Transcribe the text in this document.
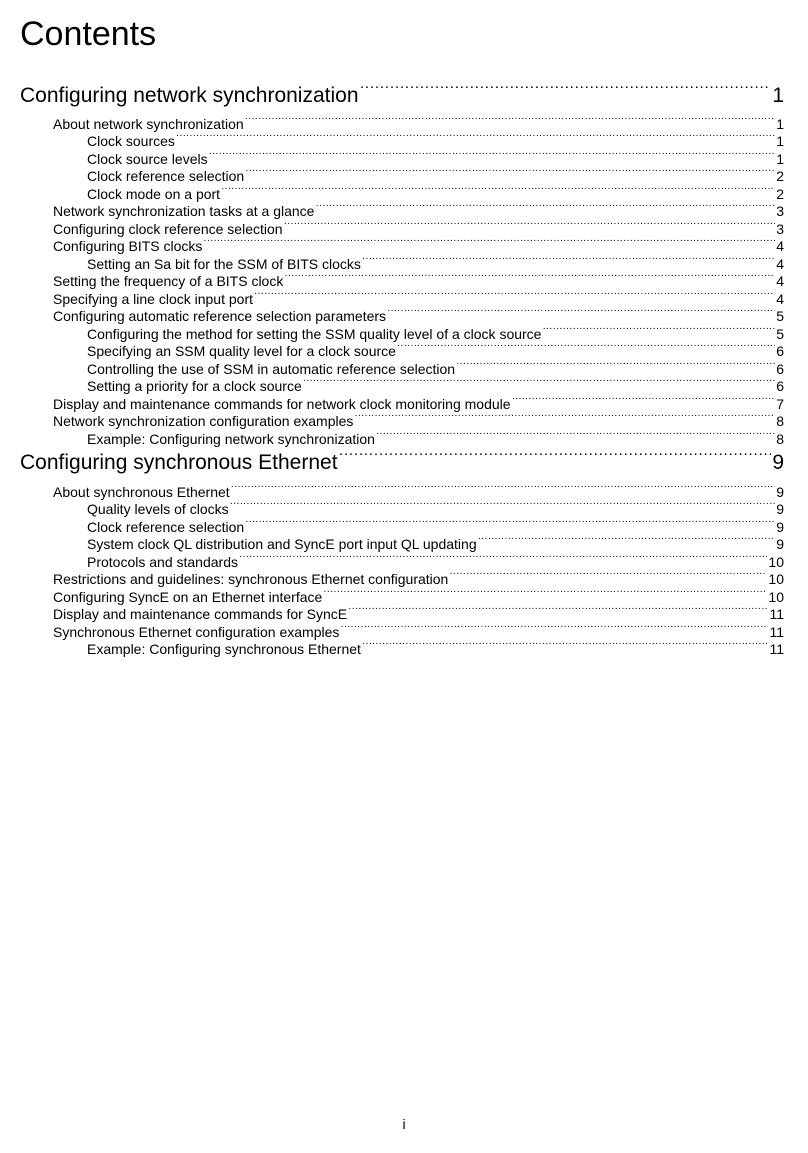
Contents
Configuring network synchronization ·····	1
About network synchronization ·····	1
Clock sources ·····	1
Clock source levels ·····	1
Clock reference selection ·····	2
Clock mode on a port ·····	2
Network synchronization tasks at a glance ·····	3
Configuring clock reference selection ·····	3
Configuring BITS clocks ·····	4
Setting an Sa bit for the SSM of BITS clocks ·····	4
Setting the frequency of a BITS clock ·····	4
Specifying a line clock input port ·····	4
Configuring automatic reference selection parameters ·····	5
Configuring the method for setting the SSM quality level of a clock source ·····	5
Specifying an SSM quality level for a clock source ·····	6
Controlling the use of SSM in automatic reference selection ·····	6
Setting a priority for a clock source ·····	6
Display and maintenance commands for network clock monitoring module ·····	7
Network synchronization configuration examples ·····	8
Example: Configuring network synchronization ·····	8
Configuring synchronous Ethernet ·····	9
About synchronous Ethernet ·····	9
Quality levels of clocks ·····	9
Clock reference selection ·····	9
System clock QL distribution and SyncE port input QL updating ·····	9
Protocols and standards ·····	10
Restrictions and guidelines: synchronous Ethernet configuration ·····	10
Configuring SyncE on an Ethernet interface ·····	10
Display and maintenance commands for SyncE ·····	11
Synchronous Ethernet configuration examples ·····	11
Example: Configuring synchronous Ethernet ·····	11
i
